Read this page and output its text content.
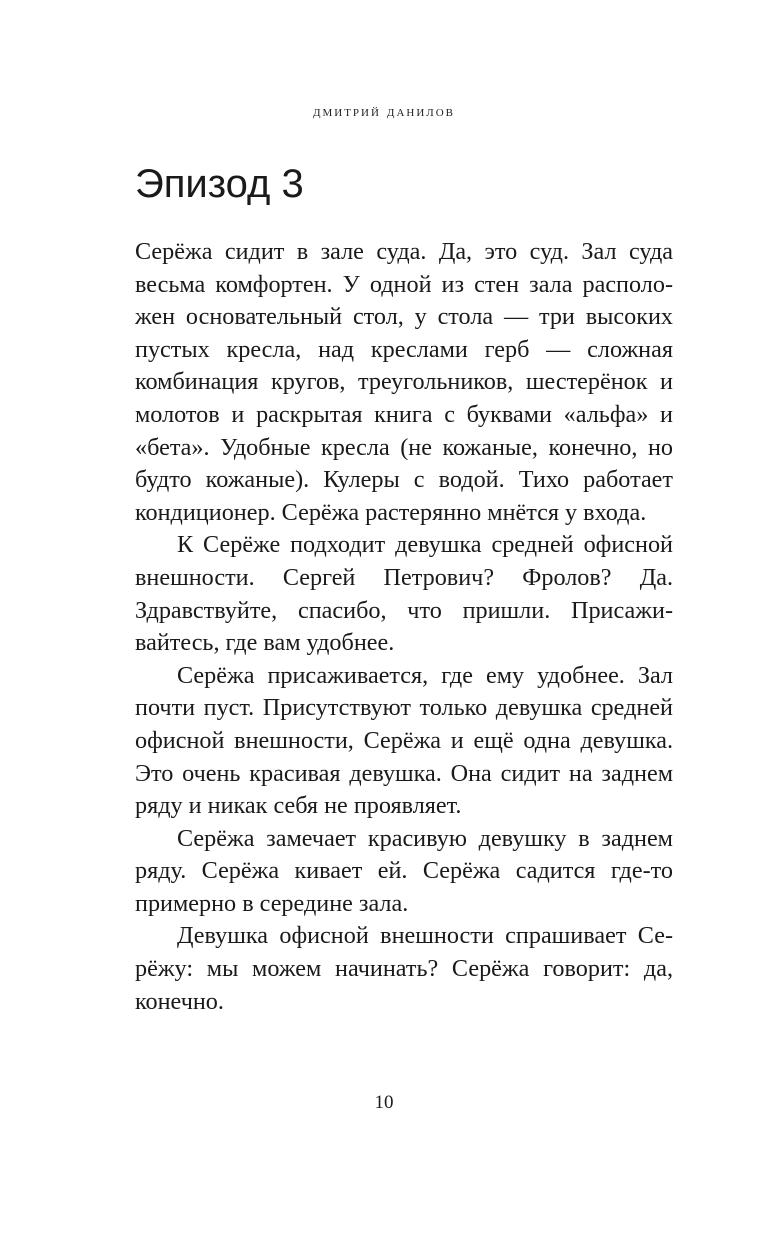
дмитрий данилов
Эпизод 3

Серёжа сидит в зале суда. Да, это суд. Зал суда весьма комфортен. У одной из стен зала расположен основательный стол, у стола — три высоких пустых кресла, над креслами герб — сложная комбинация кругов, треугольников, шестерёнок и молотов и раскрытая книга с буквами «альфа» и «бета». Удобные кресла (не кожаные, конечно, но будто кожаные). Кулеры с водой. Тихо работает кондиционер. Серёжа растерянно мнётся у входа.

К Серёже подходит девушка средней офисной внешности. Сергей Петрович? Фролов? Да. Здравствуйте, спасибо, что пришли. Присаживайтесь, где вам удобнее.

Серёжа присаживается, где ему удобнее. Зал почти пуст. Присутствуют только девушка средней офисной внешности, Серёжа и ещё одна девушка. Это очень красивая девушка. Она сидит на заднем ряду и никак себя не проявляет.

Серёжа замечает красивую девушку в заднем ряду. Серёжа кивает ей. Серёжа садится где-то примерно в середине зала.

Девушка офисной внешности спрашивает Серёжу: мы можем начинать? Серёжа говорит: да, конечно.

10
